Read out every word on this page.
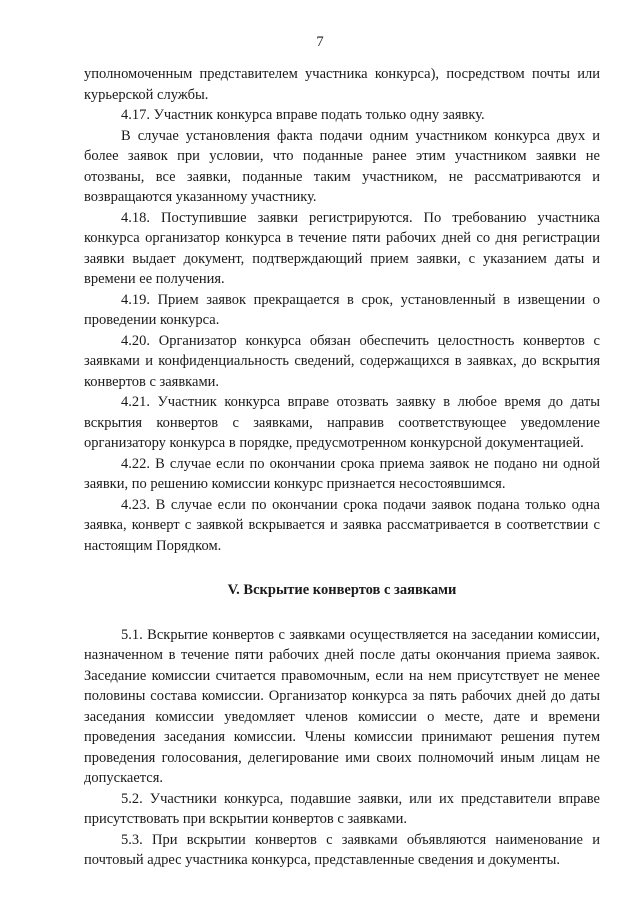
7

уполномоченным представителем участника конкурса), посредством почты или курьерской службы.

4.17. Участник конкурса вправе подать только одну заявку.

В случае установления факта подачи одним участником конкурса двух и более заявок при условии, что поданные ранее этим участником заявки не отозваны, все заявки, поданные таким участником, не рассматриваются и возвращаются указанному участнику.

4.18. Поступившие заявки регистрируются. По требованию участника конкурса организатор конкурса в течение пяти рабочих дней со дня регистрации заявки выдает документ, подтверждающий прием заявки, с указанием даты и времени ее получения.

4.19. Прием заявок прекращается в срок, установленный в извещении о проведении конкурса.

4.20. Организатор конкурса обязан обеспечить целостность конвертов с заявками и конфиденциальность сведений, содержащихся в заявках, до вскрытия конвертов с заявками.

4.21. Участник конкурса вправе отозвать заявку в любое время до даты вскрытия конвертов с заявками, направив соответствующее уведомление организатору конкурса в порядке, предусмотренном конкурсной документацией.

4.22. В случае если по окончании срока приема заявок не подано ни одной заявки, по решению комиссии конкурс признается несостоявшимся.

4.23. В случае если по окончании срока подачи заявок подана только одна заявка, конверт с заявкой вскрывается и заявка рассматривается в соответствии с настоящим Порядком.

V. Вскрытие конвертов с заявками

5.1. Вскрытие конвертов с заявками осуществляется на заседании комиссии, назначенном в течение пяти рабочих дней после даты окончания приема заявок. Заседание комиссии считается правомочным, если на нем присутствует не менее половины состава комиссии. Организатор конкурса за пять рабочих дней до даты заседания комиссии уведомляет членов комиссии о месте, дате и времени проведения заседания комиссии. Члены комиссии принимают решения путем проведения голосования, делегирование ими своих полномочий иным лицам не допускается.

5.2. Участники конкурса, подавшие заявки, или их представители вправе присутствовать при вскрытии конвертов с заявками.

5.3. При вскрытии конвертов с заявками объявляются наименование и почтовый адрес участника конкурса, представленные сведения и документы.
